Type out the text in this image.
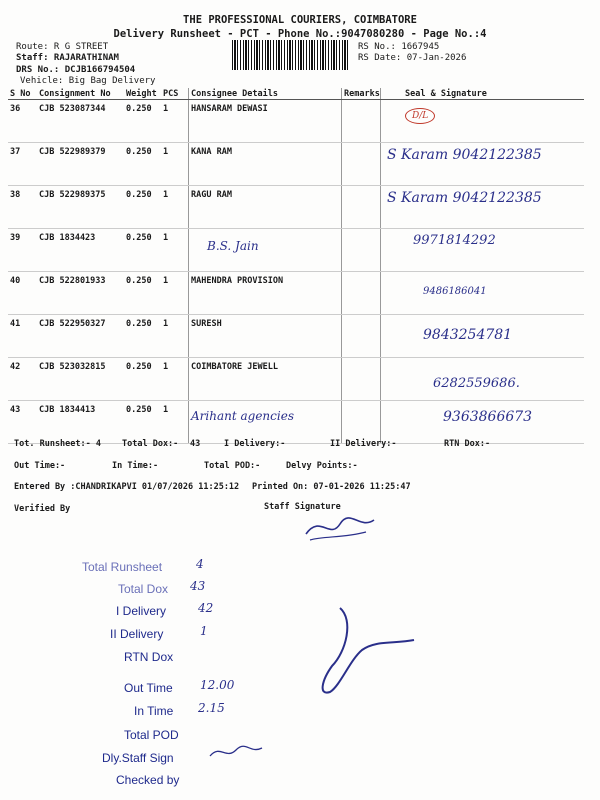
THE PROFESSIONAL COURIERS, COIMBATORE
Delivery Runsheet - PCT - Phone No.:9047080280 - Page No.:4
Route: R G STREET
Staff: RAJARATHINAM
DRS No.: DCJB166794504
Vehicle: Big Bag Delivery
RS No.: 1667945
RS Date: 07-Jan-2026
S No	Consignment No	Weight	PCS	Consignee Details	Remarks	Seal & Signature
36	CJB 523087344	0.250	1	HANSARAM DEWASI		D/L
37	CJB 522989379	0.250	1	KANA RAM		S Karam 9042122385
38	CJB 522989375	0.250	1	RAGU RAM		S Karam 9042122385
39	CJB 1834423	0.250	1	B.S. Jain		9971814292
40	CJB 522801933	0.250	1	MAHENDRA PROVISION		9486186041
41	CJB 522950327	0.250	1	SURESH		9843254781
42	CJB 523032815	0.250	1	COIMBATORE JEWELL		6282559686.
43	CJB 1834413	0.250	1	Arihant agencies		9363866673
Tot. Runsheet:- 4 Total Dox:- 43	I Delivery:-	II Delivery:-	RTN Dox:-
Out Time:-	In Time:-	Total POD:-	Delvy Points:-
Entered By :CHANDRIKAPVI 01/07/2026 11:25:12 Printed On: 07-01-2026 11:25:47
Verified By	Staff Signature
Total Runsheet	4
Total Dox 43
I Delivery	42
II Delivery	1
RTN Dox
Out Time 12.00
In Time 2.15
Total POD
Dly.Staff Sign
Checked by
